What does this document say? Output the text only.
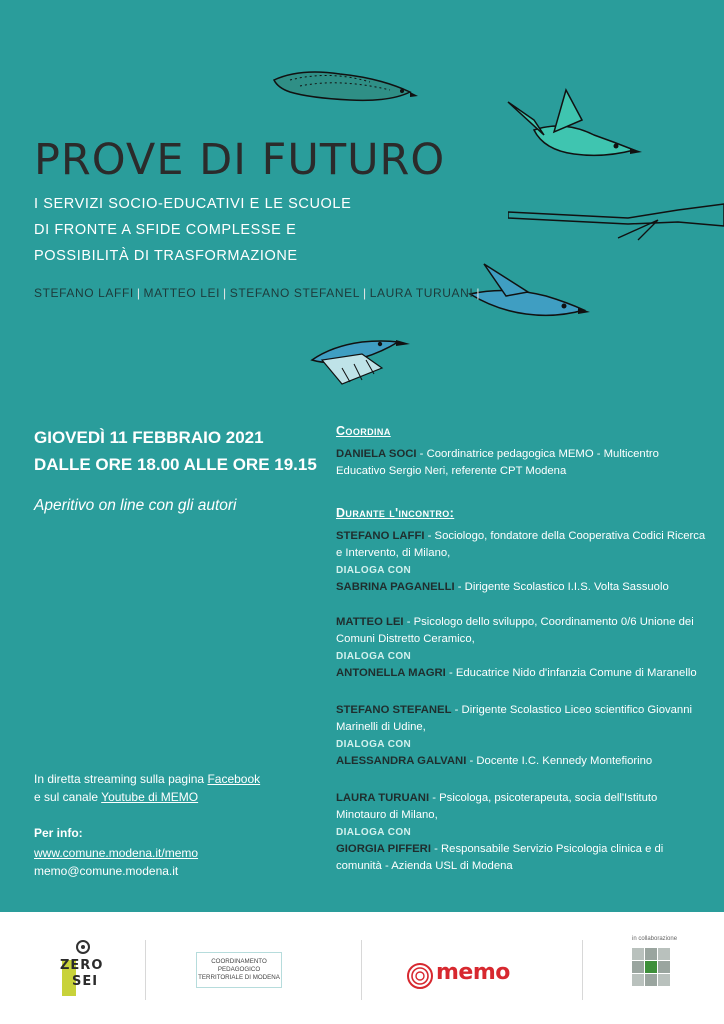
PROVE DI FUTURO
I SERVIZI SOCIO-EDUCATIVI E LE SCUOLE
DI FRONTE A SFIDE COMPLESSE E
POSSIBILITÀ DI TRASFORMAZIONE
STEFANO LAFFI | MATTEO LEI | STEFANO STEFANEL | LAURA TURUANI |
GIOVEDÌ 11 FEBBRAIO 2021
DALLE ORE 18.00 ALLE ORE 19.15
Aperitivo on line con gli autori
In diretta streaming sulla pagina Facebook
e sul canale Youtube di MEMO
Per info:
www.comune.modena.it/memo
memo@comune.modena.it
Coordina
DANIELA SOCI - Coordinatrice pedagogica MEMO - Multicentro Educativo Sergio Neri, referente CPT Modena
Durante l'incontro:
STEFANO LAFFI - Sociologo, fondatore della Cooperativa Codici Ricerca e Intervento, di Milano,
DIALOGA CON
SABRINA PAGANELLI - Dirigente Scolastico I.I.S. Volta Sassuolo
MATTEO LEI - Psicologo dello sviluppo, Coordinamento 0/6 Unione dei Comuni Distretto Ceramico,
DIALOGA CON
ANTONELLA MAGRI - Educatrice Nido d'infanzia Comune di Maranello
STEFANO STEFANEL - Dirigente Scolastico Liceo scientifico Giovanni Marinelli di Udine,
DIALOGA CON
ALESSANDRA GALVANI - Docente I.C. Kennedy Montefiorino
LAURA TURUANI - Psicologa, psicoterapeuta, socia dell'Istituto Minotauro di Milano,
DIALOGA CON
GIORGIA PIFFERI - Responsabile Servizio Psicologia clinica e di comunità - Azienda USL di Modena
ZERO
SEI
COORDINAMENTO
PEDAGOGICO
TERRITORIALE DI MODENA	memo
in collaborazione
